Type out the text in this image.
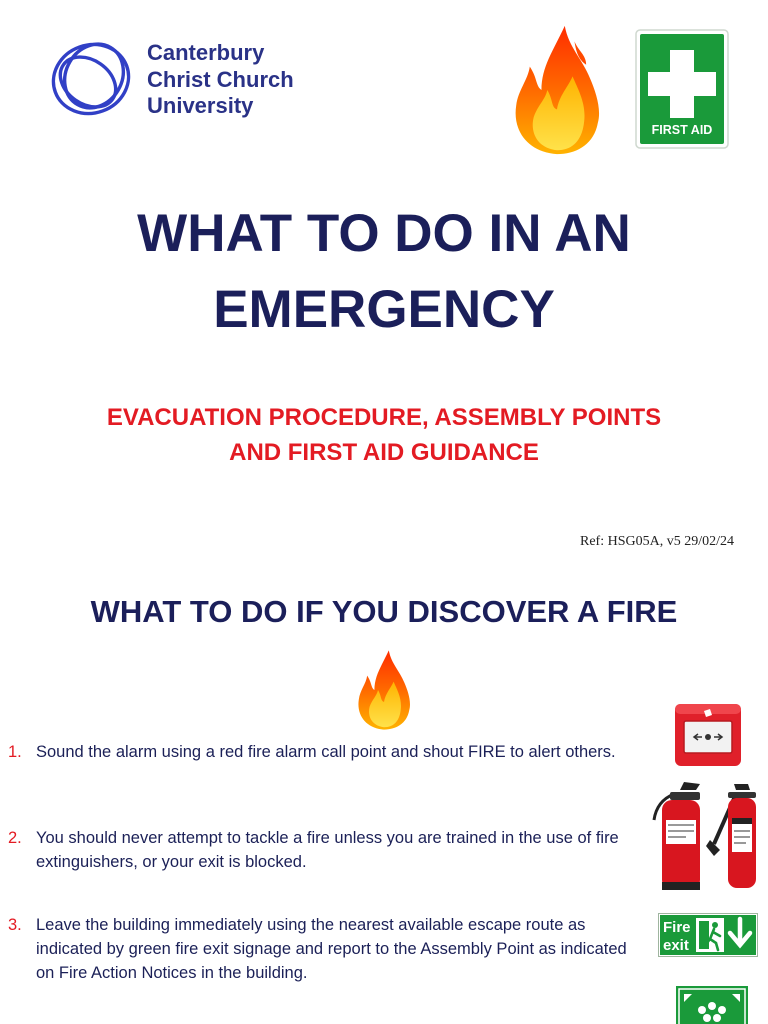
Canterbury
Christ Church
University
FIRST AID
WHAT TO DO IN AN
EMERGENCY
EVACUATION PROCEDURE, ASSEMBLY POINTS
AND FIRST AID GUIDANCE
Ref: HSG05A, v5 29/02/24
WHAT TO DO IF YOU DISCOVER A FIRE
1. Sound the alarm using a red fire alarm call point and shout FIRE to alert others.
2. You should never attempt to tackle a fire unless you are trained in the use of fire extinguishers, or your exit is blocked.
3. Leave the building immediately using the nearest available escape route as indicated by green fire exit signage and report to the Assembly Point as indicated on Fire Action Notices in the building.
Fire
exit
